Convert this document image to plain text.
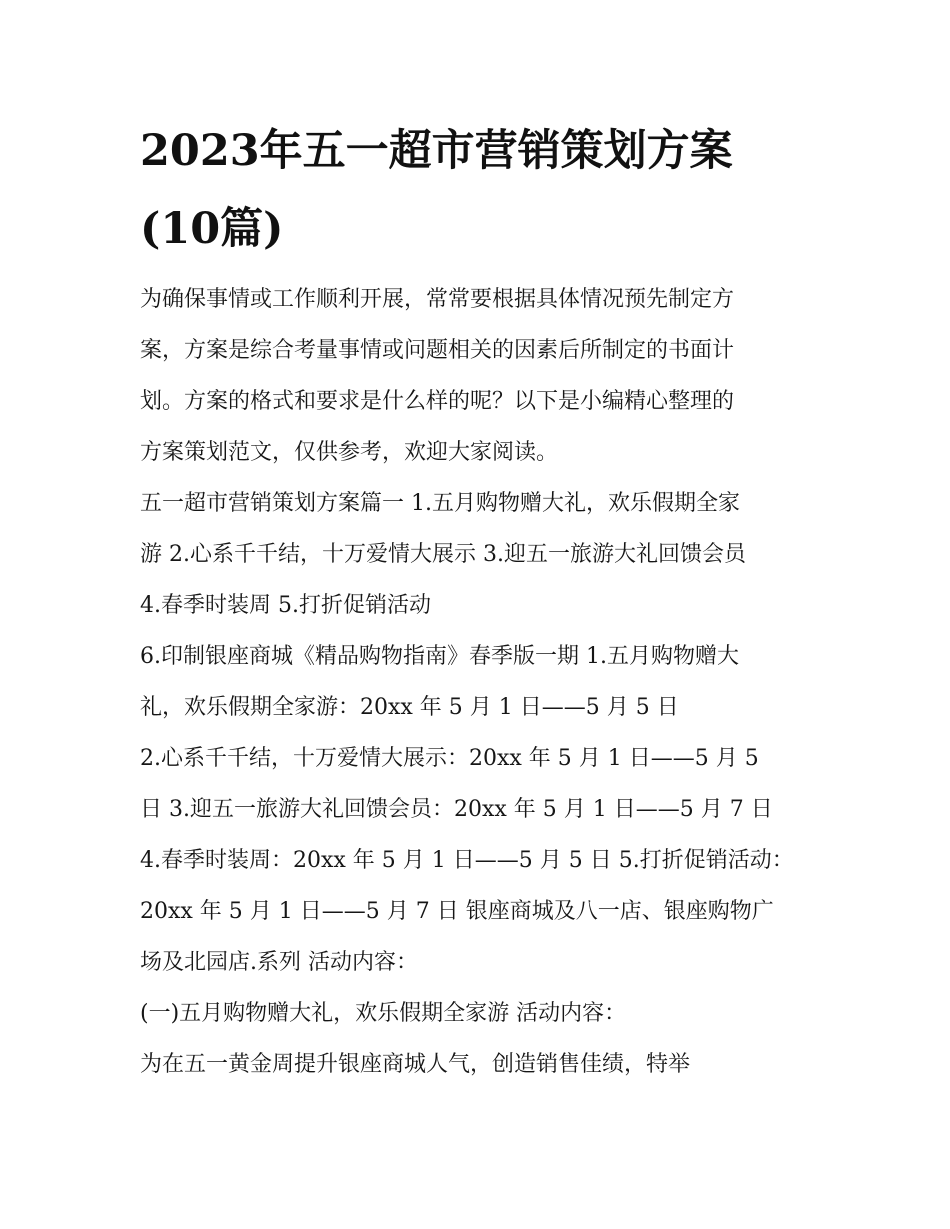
2023年五一超市营销策划方案
(10篇)
为确保事情或工作顺利开展，常常要根据具体情况预先制定方
案，方案是综合考量事情或问题相关的因素后所制定的书面计
划。方案的格式和要求是什么样的呢？以下是小编精心整理的
方案策划范文，仅供参考，欢迎大家阅读。
五一超市营销策划方案篇一 1.五月购物赠大礼，欢乐假期全家
游 2.心系千千结，十万爱情大展示 3.迎五一旅游大礼回馈会员
4.春季时装周 5.打折促销活动
6.印制银座商城《精品购物指南》春季版一期 1.五月购物赠大
礼，欢乐假期全家游：20xx 年 5 月 1 日——5 月 5 日
2.心系千千结，十万爱情大展示：20xx 年 5 月 1 日——5 月 5
日 3.迎五一旅游大礼回馈会员：20xx 年 5 月 1 日——5 月 7 日
4.春季时装周：20xx 年 5 月 1 日——5 月 5 日 5.打折促销活动：
20xx 年 5 月 1 日——5 月 7 日 银座商城及八一店、银座购物广
场及北园店.系列 活动内容：
(一)五月购物赠大礼，欢乐假期全家游 活动内容：
为在五一黄金周提升银座商城人气，创造销售佳绩，特举
